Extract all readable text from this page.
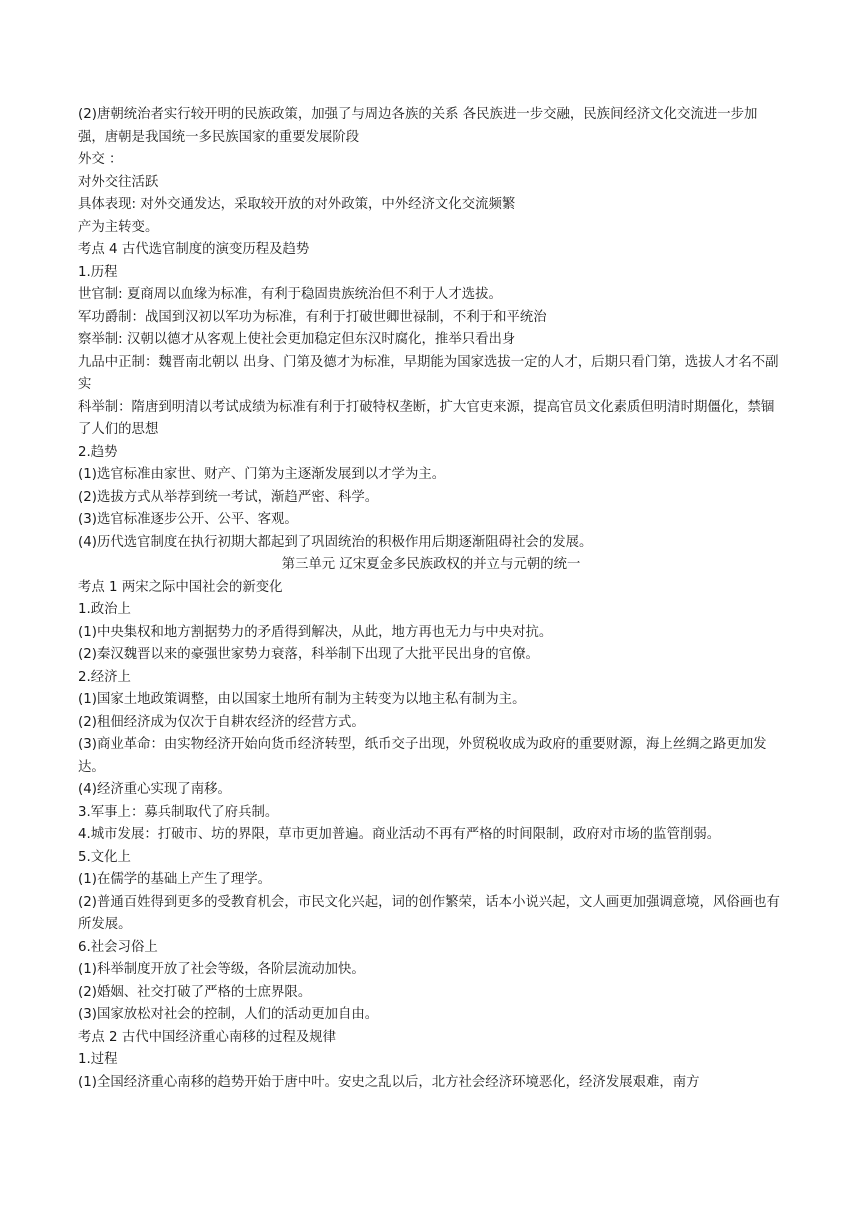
(2)唐朝统治者实行较开明的民族政策，加强了与周边各族的关系 各民族进一步交融，民族间经济文化交流进一步加强，唐朝是我国统一多民族国家的重要发展阶段

外交 ：

对外交往活跃

具体表现: 对外交通发达，采取较开放的对外政策，中外经济文化交流频繁

产为主转变。

考点 4 古代选官制度的演变历程及趋势

1.历程

世官制: 夏商周以血缘为标准，有利于稳固贵族统治但不利于人才选拔。

军功爵制：战国到汉初以军功为标准，有利于打破世卿世禄制，不利于和平统治

察举制: 汉朝以德才从客观上使社会更加稳定但东汉时腐化，推举只看出身

九品中正制：魏晋南北朝以 出身、门第及德才为标准，早期能为国家选拔一定的人才，后期只看门第，选拔人才名不副实

科举制：隋唐到明清以考试成绩为标准有利于打破特权垄断，扩大官吏来源，提高官员文化素质但明清时期僵化，禁锢了人们的思想

2.趋势

(1)选官标准由家世、财产、门第为主逐渐发展到以才学为主。

(2)选拔方式从举荐到统一考试，渐趋严密、科学。

(3)选官标准逐步公开、公平、客观。

(4)历代选官制度在执行初期大都起到了巩固统治的积极作用后期逐渐阻碍社会的发展。

第三单元 辽宋夏金多民族政权的并立与元朝的统一

考点 1 两宋之际中国社会的新变化

1.政治上

(1)中央集权和地方割据势力的矛盾得到解决，从此，地方再也无力与中央对抗。

(2)秦汉魏晋以来的豪强世家势力衰落，科举制下出现了大批平民出身的官僚。

2.经济上

(1)国家土地政策调整，由以国家土地所有制为主转变为以地主私有制为主。

(2)租佃经济成为仅次于自耕农经济的经营方式。

(3)商业革命：由实物经济开始向货币经济转型，纸币交子出现，外贸税收成为政府的重要财源，海上丝绸之路更加发达。

(4)经济重心实现了南移。

3.军事上：募兵制取代了府兵制。

4.城市发展：打破市、坊的界限，草市更加普遍。商业活动不再有严格的时间限制，政府对市场的监管削弱。

5.文化上

(1)在儒学的基础上产生了理学。

(2)普通百姓得到更多的受教育机会，市民文化兴起，词的创作繁荣，话本小说兴起，文人画更加强调意境，风俗画也有所发展。

6.社会习俗上

(1)科举制度开放了社会等级，各阶层流动加快。

(2)婚姻、社交打破了严格的士庶界限。

(3)国家放松对社会的控制，人们的活动更加自由。

考点 2 古代中国经济重心南移的过程及规律

1.过程

(1)全国经济重心南移的趋势开始于唐中叶。安史之乱以后，北方社会经济环境恶化，经济发展艰难，南方
